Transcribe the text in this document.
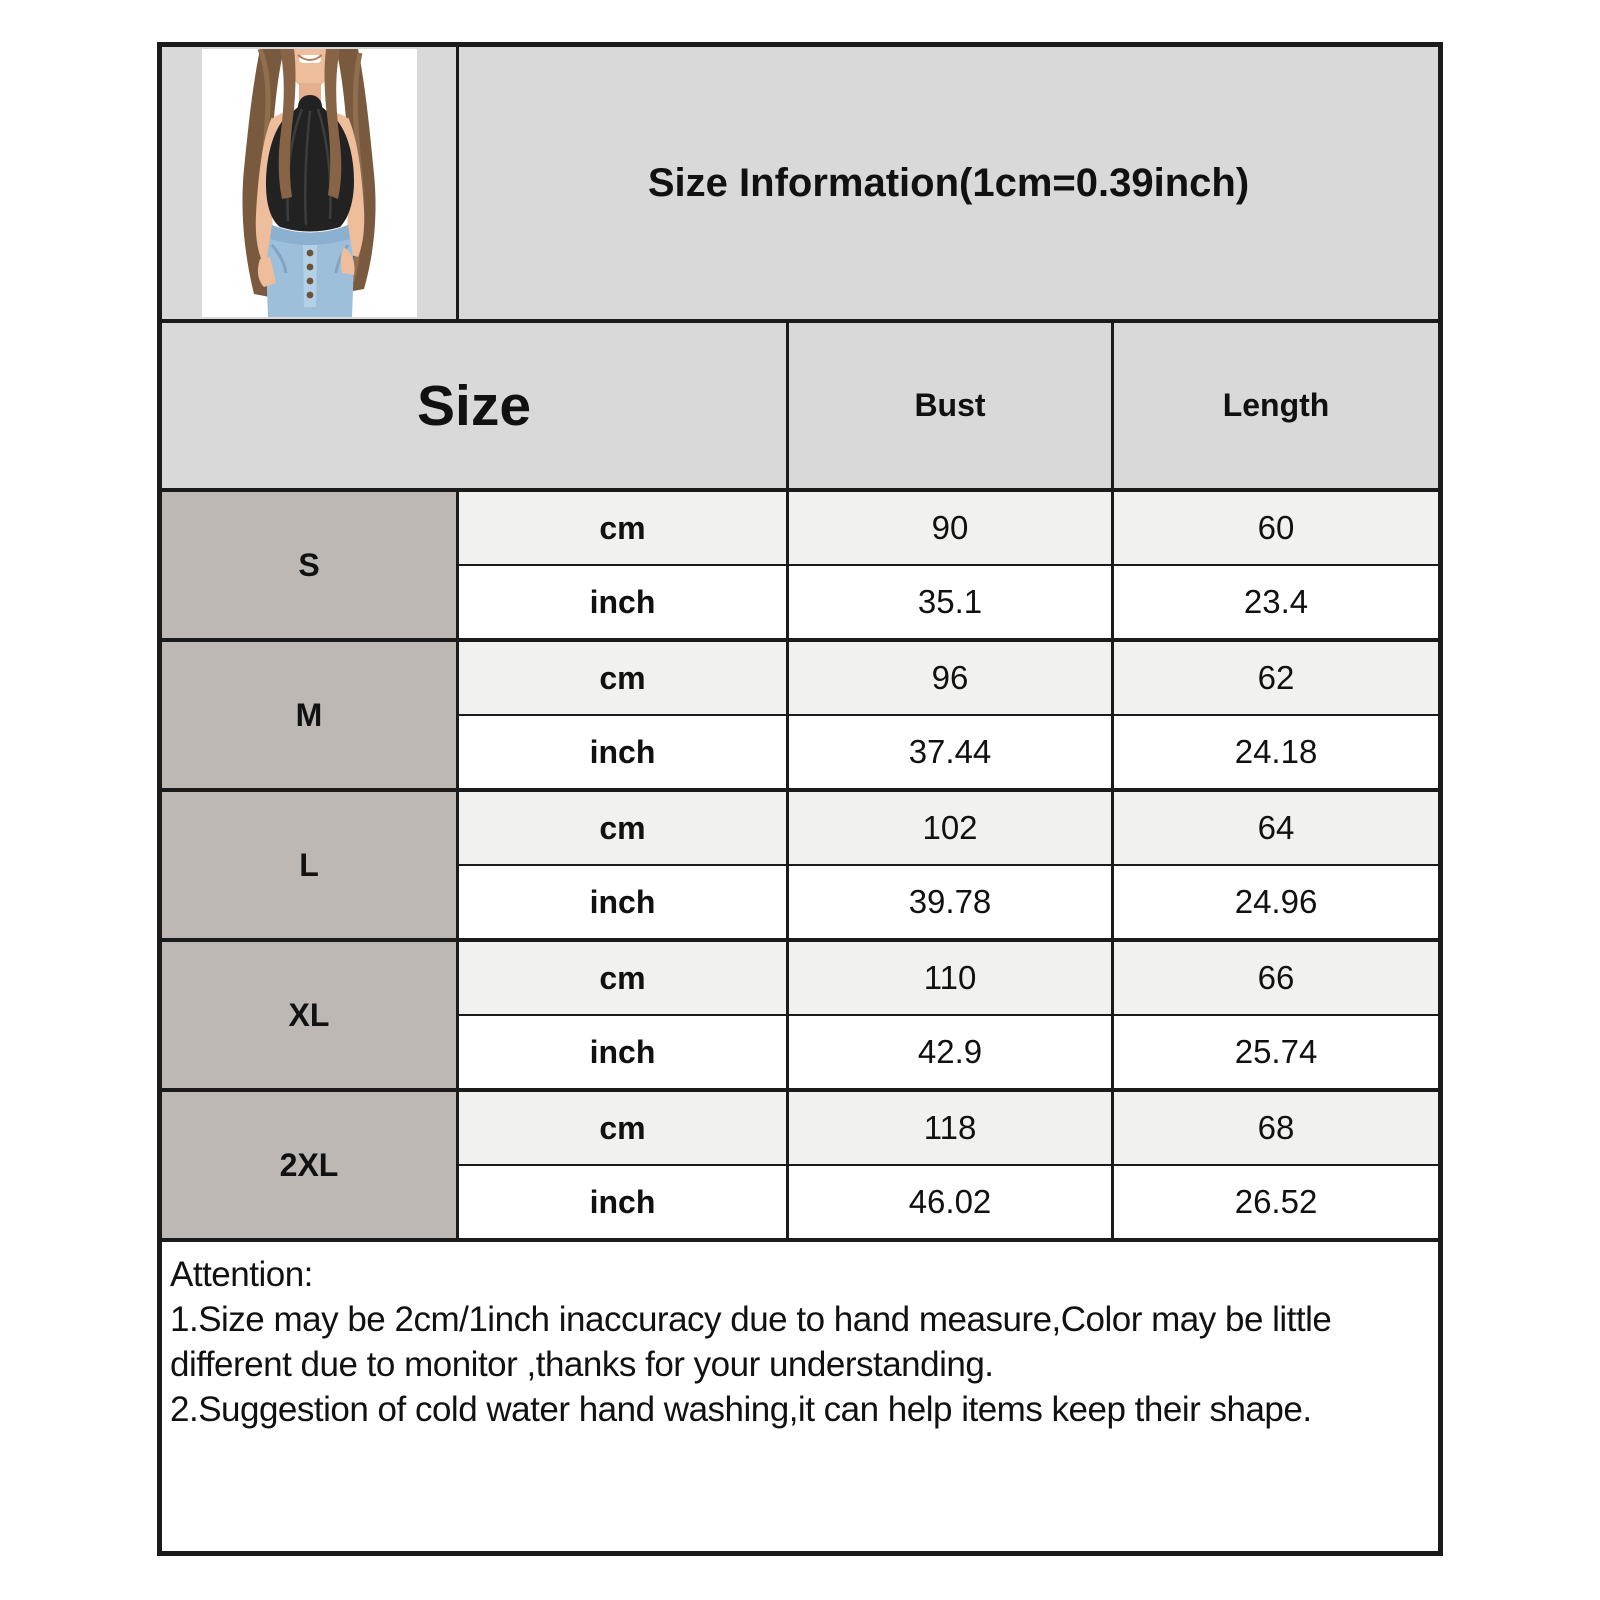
	Size Information(1cm=0.39inch)		
Size		Bust	Length
S	cm	90	60
	inch	35.1	23.4
M	cm	96	62
	inch	37.44	24.18
L	cm	102	64
	inch	39.78	24.96
XL	cm	110	66
	inch	42.9	25.74
2XL	cm	118	68
	inch	46.02	26.52

Attention:
1.Size may be 2cm/1inch inaccuracy due to hand measure,Color may be little different due to monitor ,thanks for your understanding.
2.Suggestion of cold water hand washing,it can help items keep their shape.			
